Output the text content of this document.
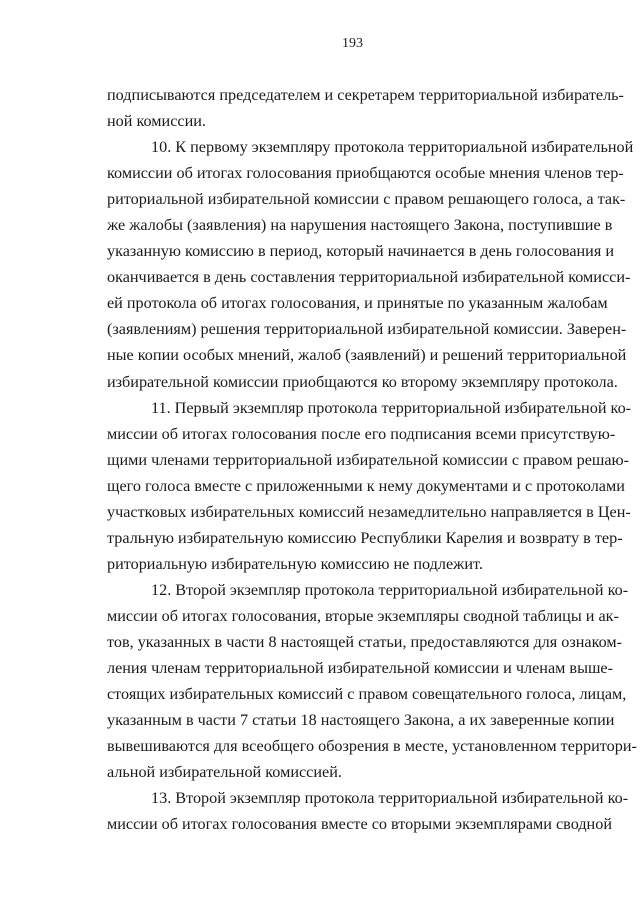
193
подписываются председателем и секретарем территориальной избиратель-
ной комиссии.
10. К первому экземпляру протокола территориальной избирательной
комиссии об итогах голосования приобщаются особые мнения членов тер-
риториальной избирательной комиссии с правом решающего голоса, а так-
же жалобы (заявления) на нарушения настоящего Закона, поступившие в
указанную комиссию в период, который начинается в день голосования и
оканчивается в день составления территориальной избирательной комисси-
ей протокола об итогах голосования, и принятые по указанным жалобам
(заявлениям) решения территориальной избирательной комиссии. Заверен-
ные копии особых мнений, жалоб (заявлений) и решений территориальной
избирательной комиссии приобщаются ко второму экземпляру протокола.
11. Первый экземпляр протокола территориальной избирательной ко-
миссии об итогах голосования после его подписания всеми присутствую-
щими членами территориальной избирательной комиссии с правом решаю-
щего голоса вместе с приложенными к нему документами и с протоколами
участковых избирательных комиссий незамедлительно направляется в Цен-
тральную избирательную комиссию Республики Карелия и возврату в тер-
риториальную избирательную комиссию не подлежит.
12. Второй экземпляр протокола территориальной избирательной ко-
миссии об итогах голосования, вторые экземпляры сводной таблицы и ак-
тов, указанных в части 8 настоящей статьи, предоставляются для ознаком-
ления членам территориальной избирательной комиссии и членам выше-
стоящих избирательных комиссий с правом совещательного голоса, лицам,
указанным в части 7 статьи 18 настоящего Закона, а их заверенные копии
вывешиваются для всеобщего обозрения в месте, установленном территори-
альной избирательной комиссией.
13. Второй экземпляр протокола территориальной избирательной ко-
миссии об итогах голосования вместе со вторыми экземплярами сводной
